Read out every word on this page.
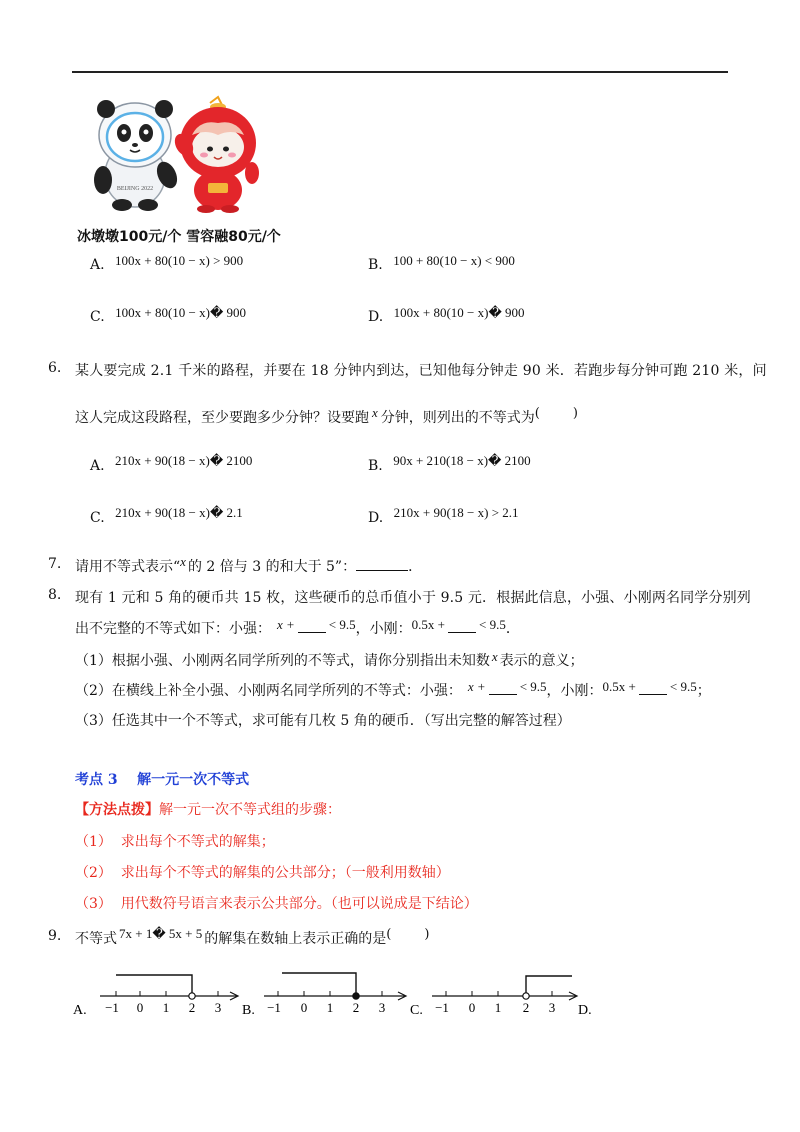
BEIJING 2022
冰墩墩100元/个 雪容融80元/个
A. 100x + 80(10 − x) > 900	B. 100 + 80(10 − x) < 900
C. 100x + 80(10 − x)� 900	D. 100x + 80(10 − x)� 900
6. 某人要完成 2.1 千米的路程，并要在 18 分钟内到达，已知他每分钟走 90 米．若跑步每分钟可跑 210 米，问
这人完成这段路程，至少要跑多少分钟？设要跑 x 分钟，则列出的不等式为(        )
A. 210x + 90(18 − x)� 2100	B. 90x + 210(18 − x)� 2100
C. 210x + 90(18 − x)� 2.1	D. 210x + 90(18 − x) > 2.1
7. 请用不等式表示“x 的 2 倍与 3 的和大于 5”：	．
8. 现有 1 元和 5 角的硬币共 15 枚，这些硬币的总币值小于 9.5 元．根据此信息，小强、小刚两名同学分别列
出不完整的不等式如下：小强： x +	< 9.5，小刚：0.5x +	< 9.5．
（1）根据小强、小刚两名同学所列的不等式，请你分别指出未知数 x 表示的意义；
（2）在横线上补全小强、小刚两名同学所列的不等式：小强： x +	< 9.5，小刚：0.5x +	< 9.5；
（3）任选其中一个不等式，求可能有几枚 5 角的硬币．（写出完整的解答过程）
考点 3    解一元一次不等式
【方法点拨】解一元一次不等式组的步骤：
（1）  求出每个不等式的解集；
（2）  求出每个不等式的解集的公共部分；（一般利用数轴）
（3）  用代数符号语言来表示公共部分。（也可以说成是下结论）
9. 不等式 7x + 1� 5x + 5 的解集在数轴上表示正确的是(        )
−1 0 1 2 3
A.	−1 0 1 2 3
B.	−1 0 1 2 3
C.	D.
